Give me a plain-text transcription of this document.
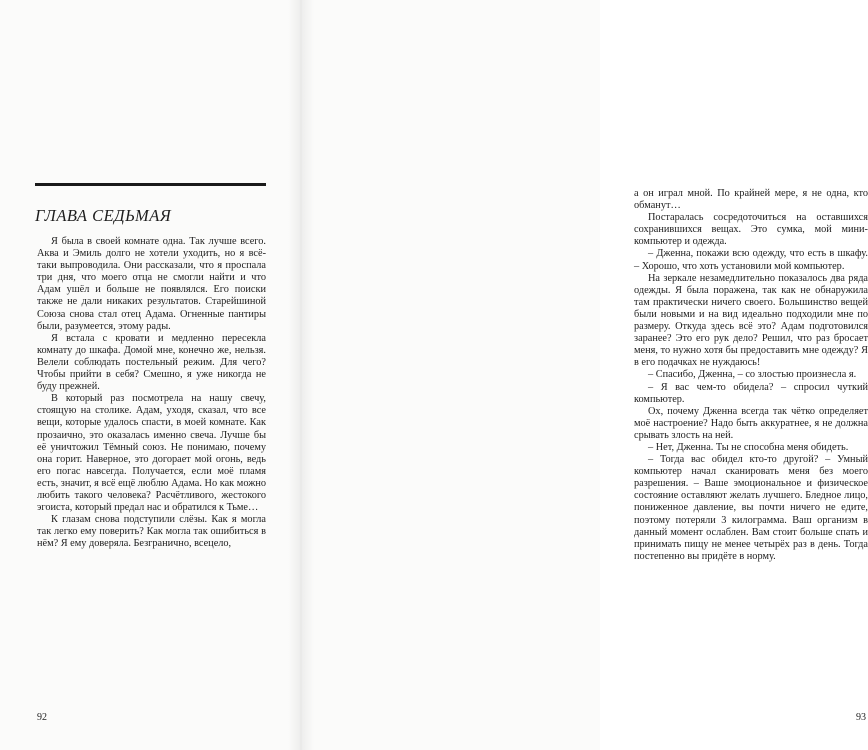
ГЛАВА СЕДЬМАЯ

Я была в своей комнате одна. Так лучше всего. Аква и Эмиль долго не хотели уходить, но я всё-таки выпроводила. Они рассказали, что я проспала три дня, что моего отца не смогли найти и что Адам ушёл и больше не появлялся. Его поиски также не дали никаких результатов. Старейшиной Союза снова стал отец Адама. Огненные пантиры были, разумеется, этому рады.

Я встала с кровати и медленно пересекла комнату до шкафа. Домой мне, конечно же, нельзя. Велели соблюдать постельный режим. Для чего? Чтобы прийти в себя? Смешно, я уже никогда не буду прежней.

В который раз посмотрела на нашу свечу, стоящую на столике. Адам, уходя, сказал, что все вещи, которые удалось спасти, в моей комнате. Как прозаично, это оказалась именно свеча. Лучше бы её уничтожил Тёмный союз. Не понимаю, почему она горит. Наверное, это догорает мой огонь, ведь его погас навсегда. Получается, если моё пламя есть, значит, я всё ещё люблю Адама. Но как можно любить такого человека? Расчётливого, жестокого эгоиста, который предал нас и обратился к Тьме…

К глазам снова подступили слёзы. Как я могла так легко ему поверить? Как могла так ошибиться в нём? Я ему доверяла. Безгранично, всецело,

92

а он играл мной. По крайней мере, я не одна, кто обманут…

Постаралась сосредоточиться на оставшихся сохранившихся вещах. Это сумка, мой мини-компьютер и одежда.

– Дженна, покажи всю одежду, что есть в шкафу. – Хорошо, что хоть установили мой компьютер.

На зеркале незамедлительно показалось два ряда одежды. Я была поражена, так как не обнаружила там практически ничего своего. Большинство вещей были новыми и на вид идеально подходили мне по размеру. Откуда здесь всё это? Адам подготовился заранее? Это его рук дело? Решил, что раз бросает меня, то нужно хотя бы предоставить мне одежду? Я в его подачках не нуждаюсь!

– Спасибо, Дженна, – со злостью произнесла я.

– Я вас чем-то обидела? – спросил чуткий компьютер.

Ох, почему Дженна всегда так чётко определяет моё настроение? Надо быть аккуратнее, я не должна срывать злость на ней.

– Нет, Дженна. Ты не способна меня обидеть.

– Тогда вас обидел кто-то другой? – Умный компьютер начал сканировать меня без моего разрешения. – Ваше эмоциональное и физическое состояние оставляют желать лучшего. Бледное лицо, пониженное давление, вы почти ничего не едите, поэтому потеряли 3 килограмма. Ваш организм в данный момент ослаблен. Вам стоит больше спать и принимать пищу не менее четырёх раз в день. Тогда постепенно вы придёте в норму.

93
